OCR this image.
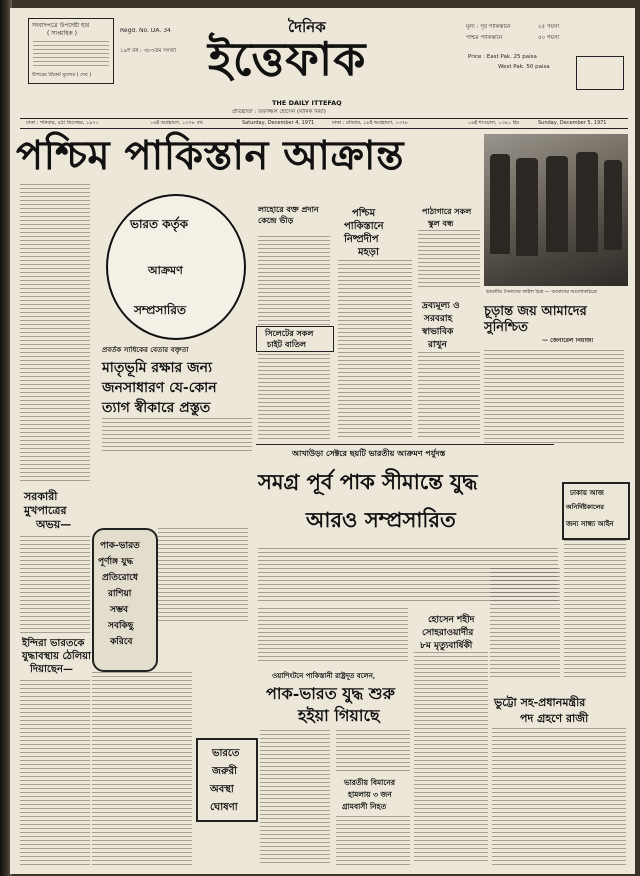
সংবাদপত্রে উপদেষ্টা হার
( সাপ্তাহিক )
উপরের টিকেট মূল্যের ( দেব )
Regd. No. DA. 34
১৯শ বর্ষ : ৩৮৩তম সংখ্যা
দৈনিক
ইত্তেফাক
THE DAILY ITTEFAQ
প্রতিষ্ঠাতা : তফাজ্জল হোসেন (মানিক মিয়া)
মূল্য : পূর্ব পাকিস্তানে	২৫ পয়সা
পশ্চিম পাকিস্তানে	৫০ পয়সা
Price : East Pak. 25 paisa
West Pak. 50 paisa
ঢাকা : শনিবার, ৪ঠা ডিসেম্বর, ১৯৭১	১৬ই অগ্রহায়ণ, ১৩৭৮ বাং	Saturday, December 4, 1971	ঢাকা : রবিবার, ১৮ই অগ্রহায়ণ, ১৩৭৮	১৬ই শাওয়াল, ১৩৯১ হিঃ	Sunday, December 5, 1971
পশ্চিম পাকিস্তান আক্রান্ত
ভারতীয় সৈন্যদের ফাইল চিত্র — আমাদের আলোকচিত্রে
সরকারী
মুখপাত্রের
অভয়—
ইন্দিরা ভারতকে
যুদ্ধাবস্থায় ঠেলিয়া
দিয়াছেন—
ভারত কর্তৃক
আক্রমণ
সম্প্রসারিত
প্রবর্তক সাধিকের বেতার বক্তৃতা
মাতৃভূমি রক্ষার জন্য
জনসাধারণ যে-কোন
ত্যাগ স্বীকারে প্রস্তুত
পাক-ভারত
পূর্ণাঙ্গ যুদ্ধ
প্রতিরোধে
রাশিয়া
সম্ভব
সবকিছু
করিবে
ভারতে
জরুরী
অবস্থা
ঘোষণা
লাহোরে বক্ত প্রদান কেন্দ্রে ভীড়
সিলেটের সকল
চাইট বাতিল
পশ্চিম
পাকিস্তানে
নিষ্প্রদীপ
মহড়া
পাঠাগারে সকল
স্কুল বন্ধ
দ্রব্যমূল্য ও
সরবরাহ
স্বাভাবিক
রাখুন
চূড়ান্ত জয় আমাদের সুনিশ্চিত
— জেনারেল নিয়াজী
আখাউড়া সেক্টরে ছয়টি ভারতীয় আক্রমণ পর্যুদস্ত
সমগ্র পূর্ব পাক সীমান্তে যুদ্ধ
আরও সম্প্রসারিত
ঢাকায় আজ
অনির্দিষ্টকালের
জন্য সান্ধ্য আইন
হোসেন শহীদ
সোহরাওয়ার্দীর
৮ম মৃত্যুবার্ষিকী
ওয়াশিংটনে পাকিস্তানী রাষ্ট্রদূত বলেন,
পাক-ভারত যুদ্ধ শুরু
হইয়া গিয়াছে
ভারতীয় বিমানের
হামলায় ৩ জন
গ্রামবাসী নিহত
ভুট্টো সহ-প্রধানমন্ত্রীর
পদ গ্রহণে রাজী
